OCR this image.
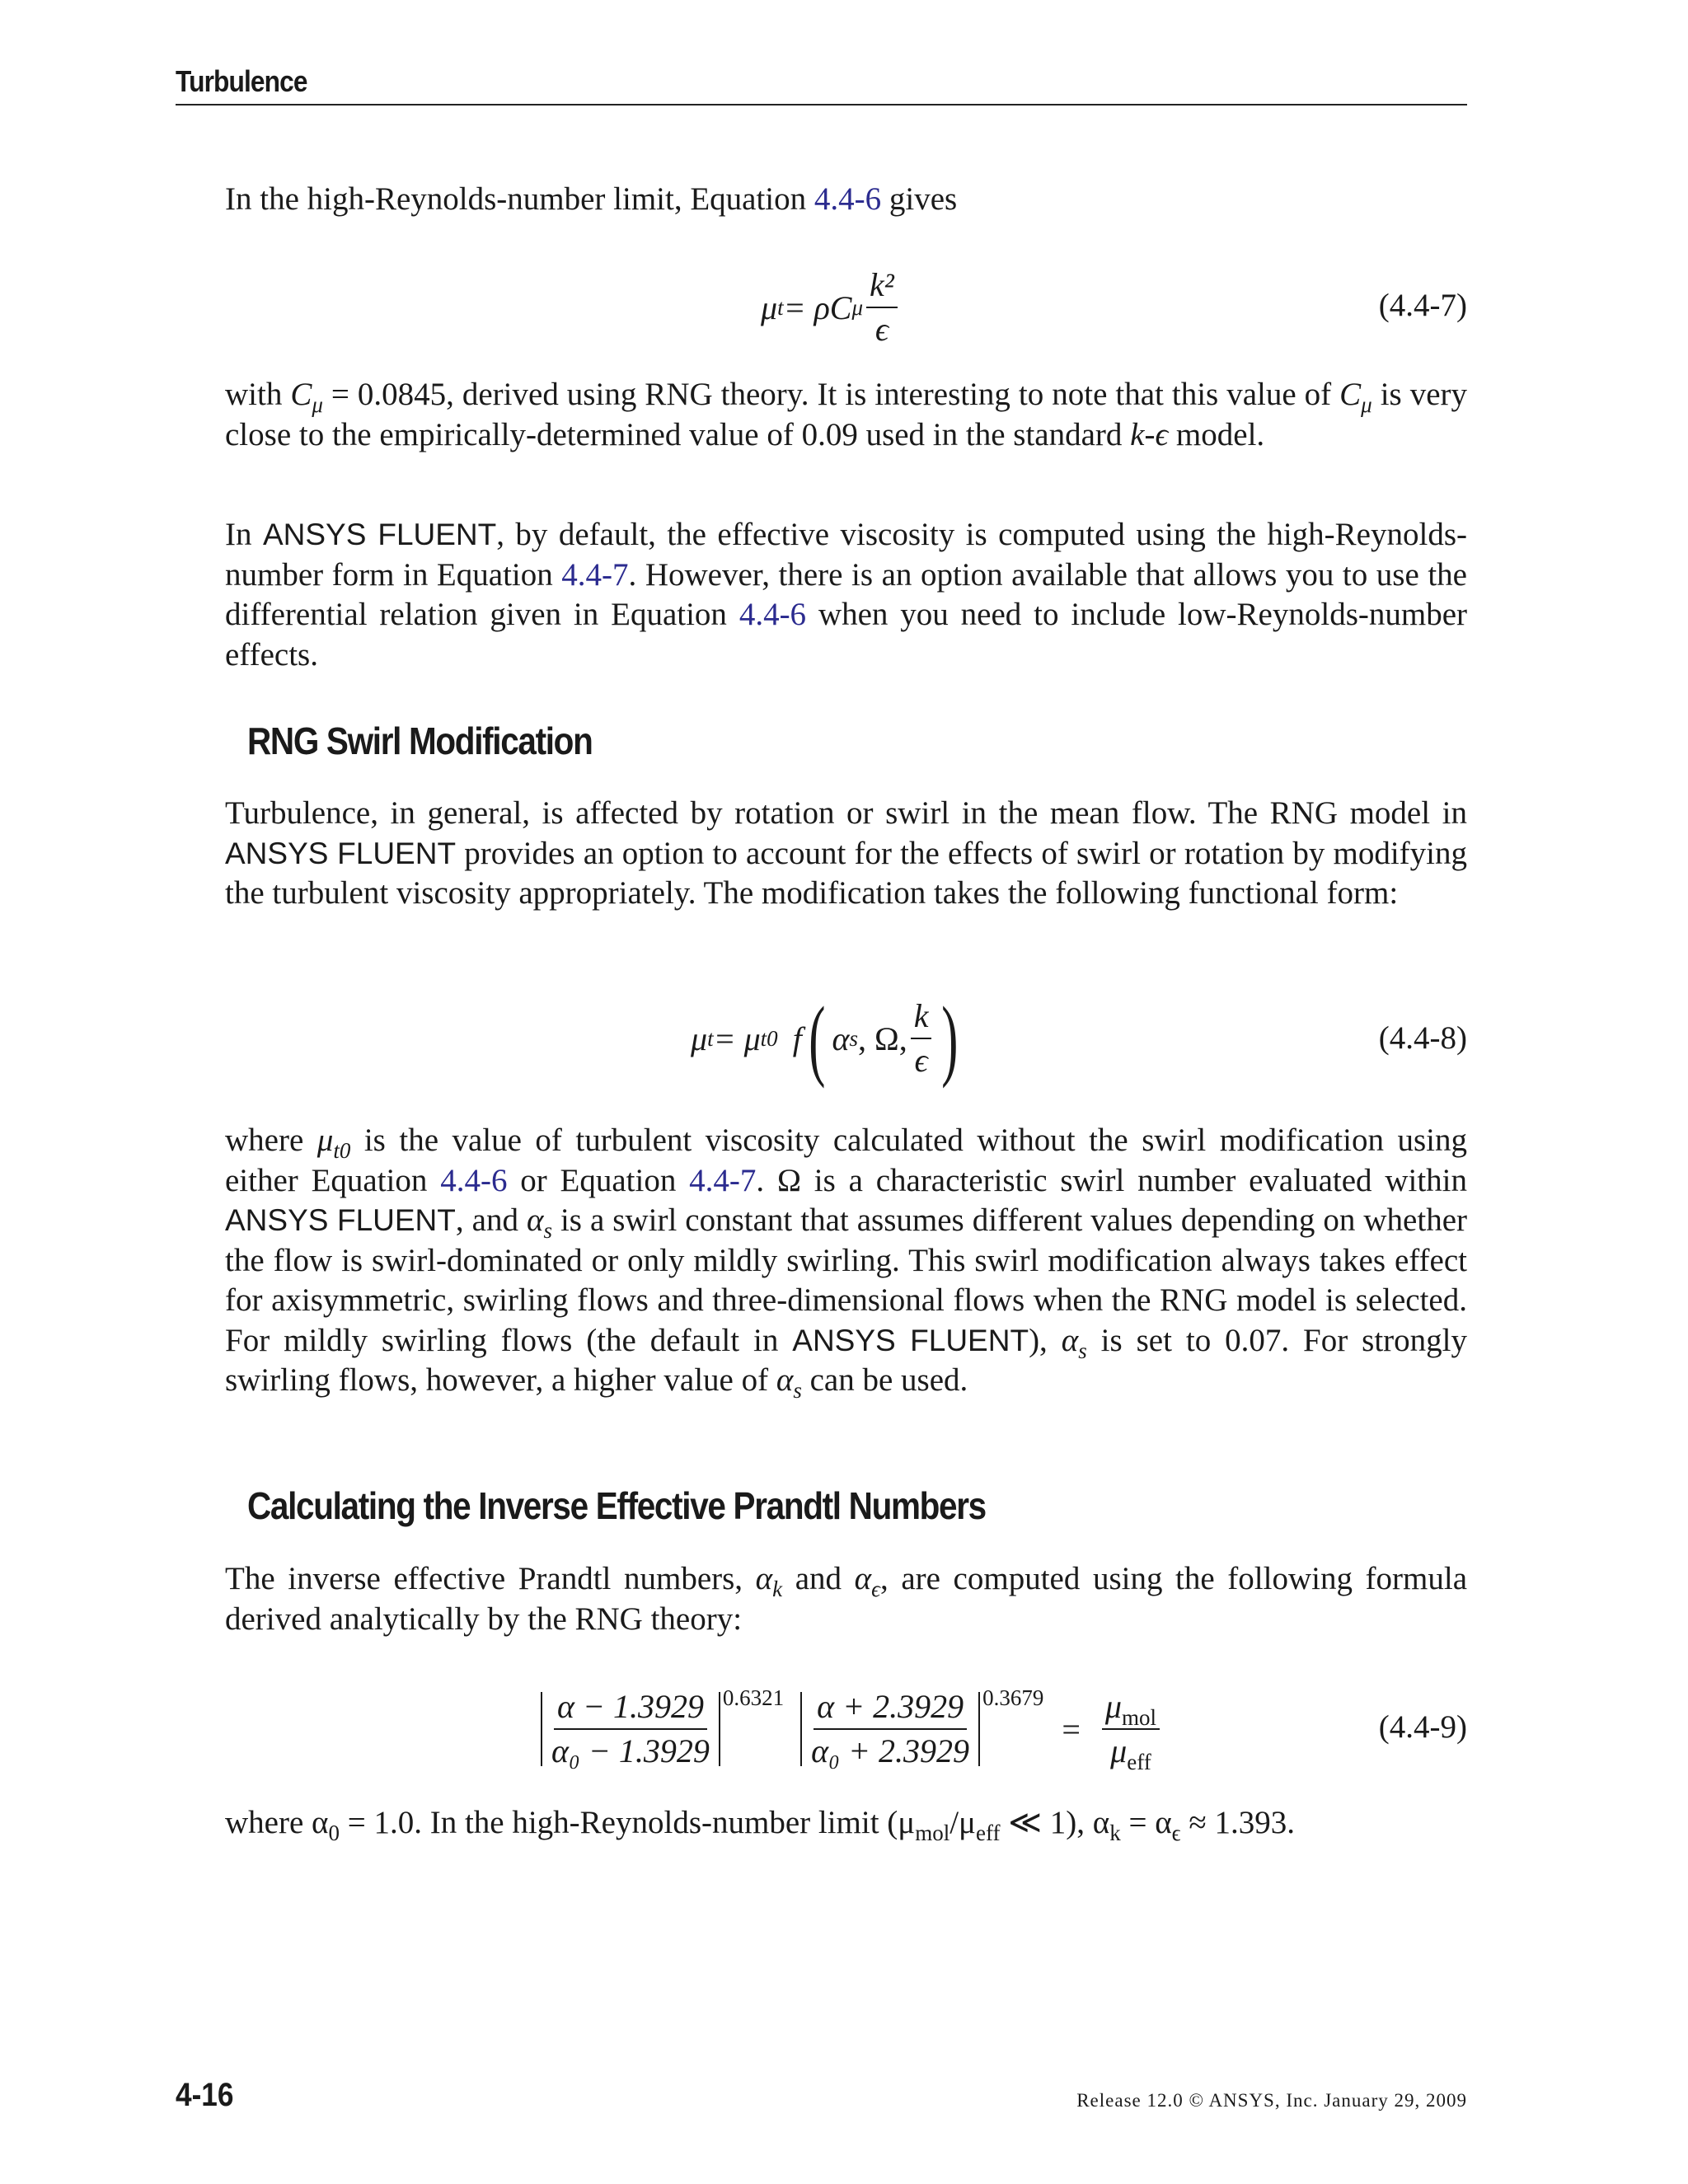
Turbulence

In the high-Reynolds-number limit, Equation 4.4-6 gives

μ t = ρC μ $\frac{\text{k²}}{\epsilon}$	(4.4-7)

with $C_\mu = 0.0845$, derived using RNG theory. It is interesting to note that this value of $C_\mu$ is very close to the empirically-determined value of 0.09 used in the standard k-ϵ model.

In ANSYS FLUENT, by default, the effective viscosity is computed using the high-Reynolds-number form in Equation 4.4-7. However, there is an option available that allows you to use the differential relation given in Equation 4.4-6 when you need to include low-Reynolds-number effects.

RNG Swirl Modification

Turbulence, in general, is affected by rotation or swirl in the mean flow. The RNG model in ANSYS FLUENT provides an option to account for the effects of swirl or rotation by modifying the turbulent viscosity appropriately. The modification takes the following functional form:

μ t = μ t0 f ( α s , Ω, $\frac{k}{\epsilon}$ )	(4.4-8)

where $\mu_{t0}$ is the value of turbulent viscosity calculated without the swirl modification using either Equation 4.4-6 or Equation 4.4-7. Ω is a characteristic swirl number evaluated within ANSYS FLUENT, and $\alpha_s$ is a swirl constant that assumes different values depending on whether the flow is swirl-dominated or only mildly swirling. This swirl modification always takes effect for axisymmetric, swirling flows and three-dimensional flows when the RNG model is selected. For mildly swirling flows (the default in ANSYS FLUENT), $\alpha_s$ is set to 0.07. For strongly swirling flows, however, a higher value of $\alpha_s$ can be used.

Calculating the Inverse Effective Prandtl Numbers

The inverse effective Prandtl numbers, $\alpha_k$ and $\alpha_\epsilon$, are computed using the following formula derived analytically by the RNG theory:

$\frac{\alpha - 1.3929}{\text{α₀ − 1.3929}} 0.6321 \frac{\alpha + 2.3929}{\text{α₀ + 2.3929}} 0.3679$
= $\frac{\mu_{mol}}{\mu_{eff}}$	(4.4-9)

where $\alpha_0 = 1.0$. In the high-Reynolds-number limit ($\mu_{mol}/\mu_{eff}$ ≪ 1), $\alpha_k = \alpha_\epsilon \approx 1.393$.

4-16	Release 12.0 © ANSYS, Inc. January 29, 2009
